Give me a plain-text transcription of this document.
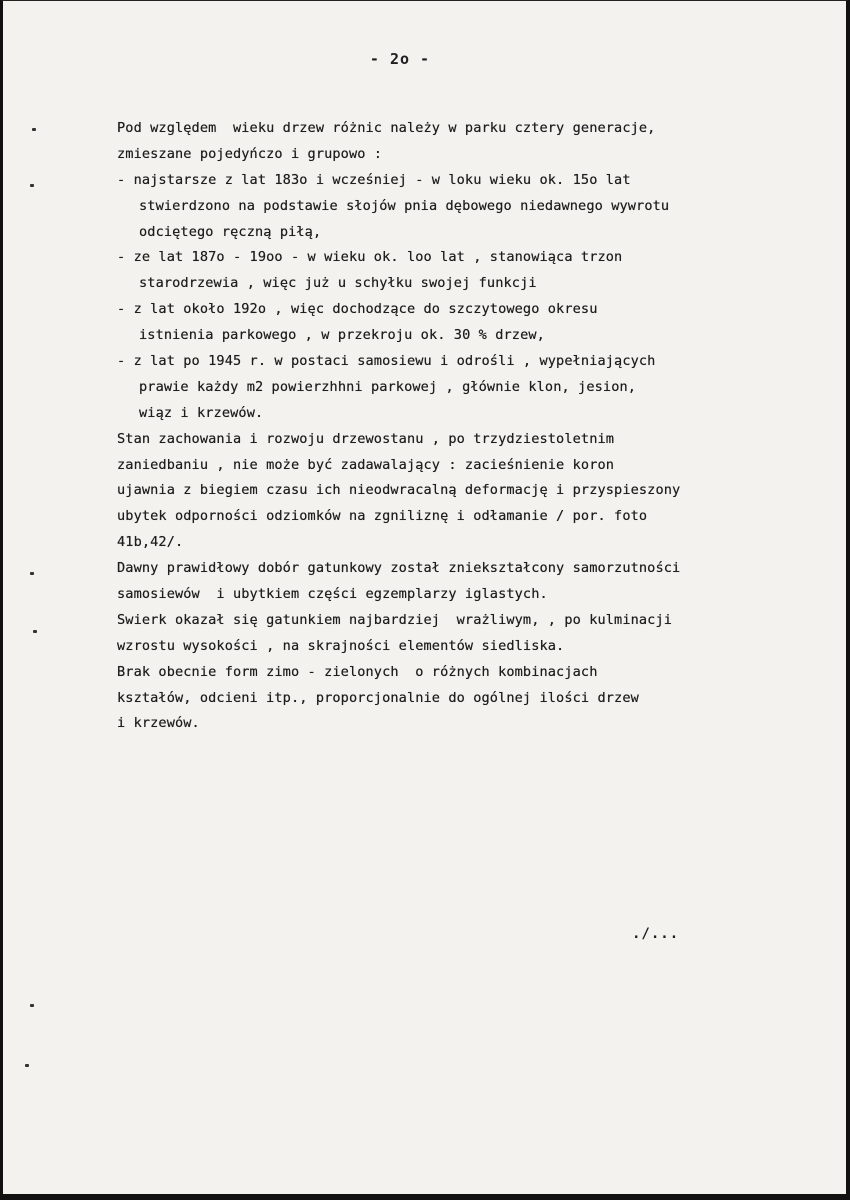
- 2o -
Pod względem  wieku drzew różnic należy w parku cztery generacje,
zmieszane pojedyńczo i grupowo :
- najstarsze z lat 183o i wcześniej - w loku wieku ok. 15o lat
stwierdzono na podstawie słojów pnia dębowego niedawnego wywrotu
odciętego ręczną piłą,
- ze lat 187o - 19oo - w wieku ok. loo lat , stanowiąca trzon
starodrzewia , więc już u schyłku swojej funkcji
- z lat około 192o , więc dochodzące do szczytowego okresu
istnienia parkowego , w przekroju ok. 30 % drzew,
- z lat po 1945 r. w postaci samosiewu i odrośli , wypełniających
prawie każdy m2 powierzhhni parkowej , głównie klon, jesion,
wiąz i krzewów.
Stan zachowania i rozwoju drzewostanu , po trzydziestoletnim
zaniedbaniu , nie może być zadawalający : zacieśnienie koron
ujawnia z biegiem czasu ich nieodwracalną deformację i przyspieszony
ubytek odporności odziomków na zgniliznę i odłamanie / por. foto
41b,42/.
Dawny prawidłowy dobór gatunkowy został zniekształcony samorzutności
samosiewów  i ubytkiem części egzemplarzy iglastych.
Swierk okazał się gatunkiem najbardziej  wrażliwym, , po kulminacji
wzrostu wysokości , na skrajności elementów siedliska.
Brak obecnie form zimo - zielonych  o różnych kombinacjach
kształów, odcieni itp., proporcjonalnie do ogólnej ilości drzew
i krzewów.
./...
